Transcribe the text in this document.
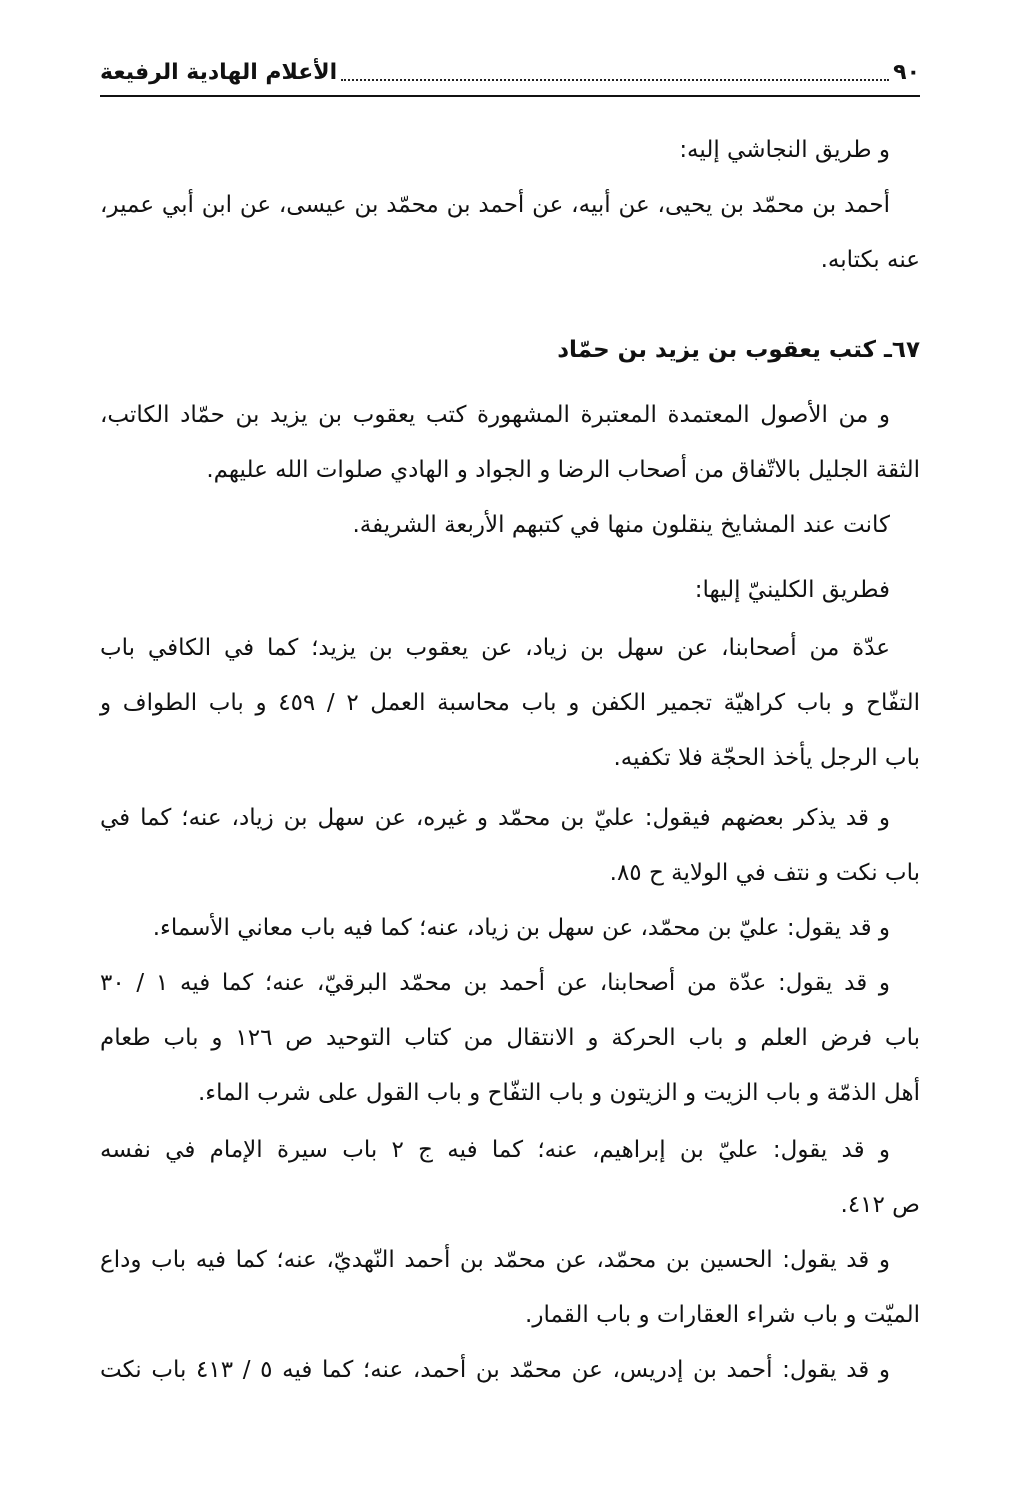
٩٠
الأعلام الهادية الرفيعة
و طريق النجاشي إليه:
أحمد بن محمّد بن يحيى، عن أبيه، عن أحمد بن محمّد بن عيسى، عن ابن أبي عمير،
عنه بكتابه.
٦٧ـ كتب يعقوب بن يزيد بن حمّاد
و من الأصول المعتمدة المعتبرة المشهورة كتب يعقوب بن يزيد بن حمّاد الكاتب،
الثقة الجليل بالاتّفاق من أصحاب الرضا و الجواد و الهادي صلوات الله عليهم.
كانت عند المشايخ ينقلون منها في كتبهم الأربعة الشريفة.
فطريق الكلينيّ إليها:
عدّة من أصحابنا، عن سهل بن زياد، عن يعقوب بن يزيد؛ كما في الكافي باب
التفّاح و باب كراهيّة تجمير الكفن و باب محاسبة العمل ٢ / ٤٥٩ و باب الطواف و
باب الرجل يأخذ الحجّة فلا تكفيه.
و قد يذكر بعضهم فيقول: عليّ بن محمّد و غيره، عن سهل بن زياد، عنه؛ كما في
باب نكت و نتف في الولاية ح ٨٥.
و قد يقول: عليّ بن محمّد، عن سهل بن زياد، عنه؛ كما فيه باب معاني الأسماء.
و قد يقول: عدّة من أصحابنا، عن أحمد بن محمّد البرقيّ، عنه؛ كما فيه ١ / ٣٠
باب فرض العلم و باب الحركة و الانتقال من كتاب التوحيد ص ١٢٦ و باب طعام
أهل الذمّة و باب الزيت و الزيتون و باب التفّاح و باب القول على شرب الماء.
و قد يقول: عليّ بن إبراهيم، عنه؛ كما فيه ج ٢ باب سيرة الإمام في نفسه
ص ٤١٢.
و قد يقول: الحسين بن محمّد، عن محمّد بن أحمد النّهديّ، عنه؛ كما فيه باب وداع
الميّت و باب شراء العقارات و باب القمار.
و قد يقول: أحمد بن إدريس، عن محمّد بن أحمد، عنه؛ كما فيه ٥ / ٤١٣ باب نكت
